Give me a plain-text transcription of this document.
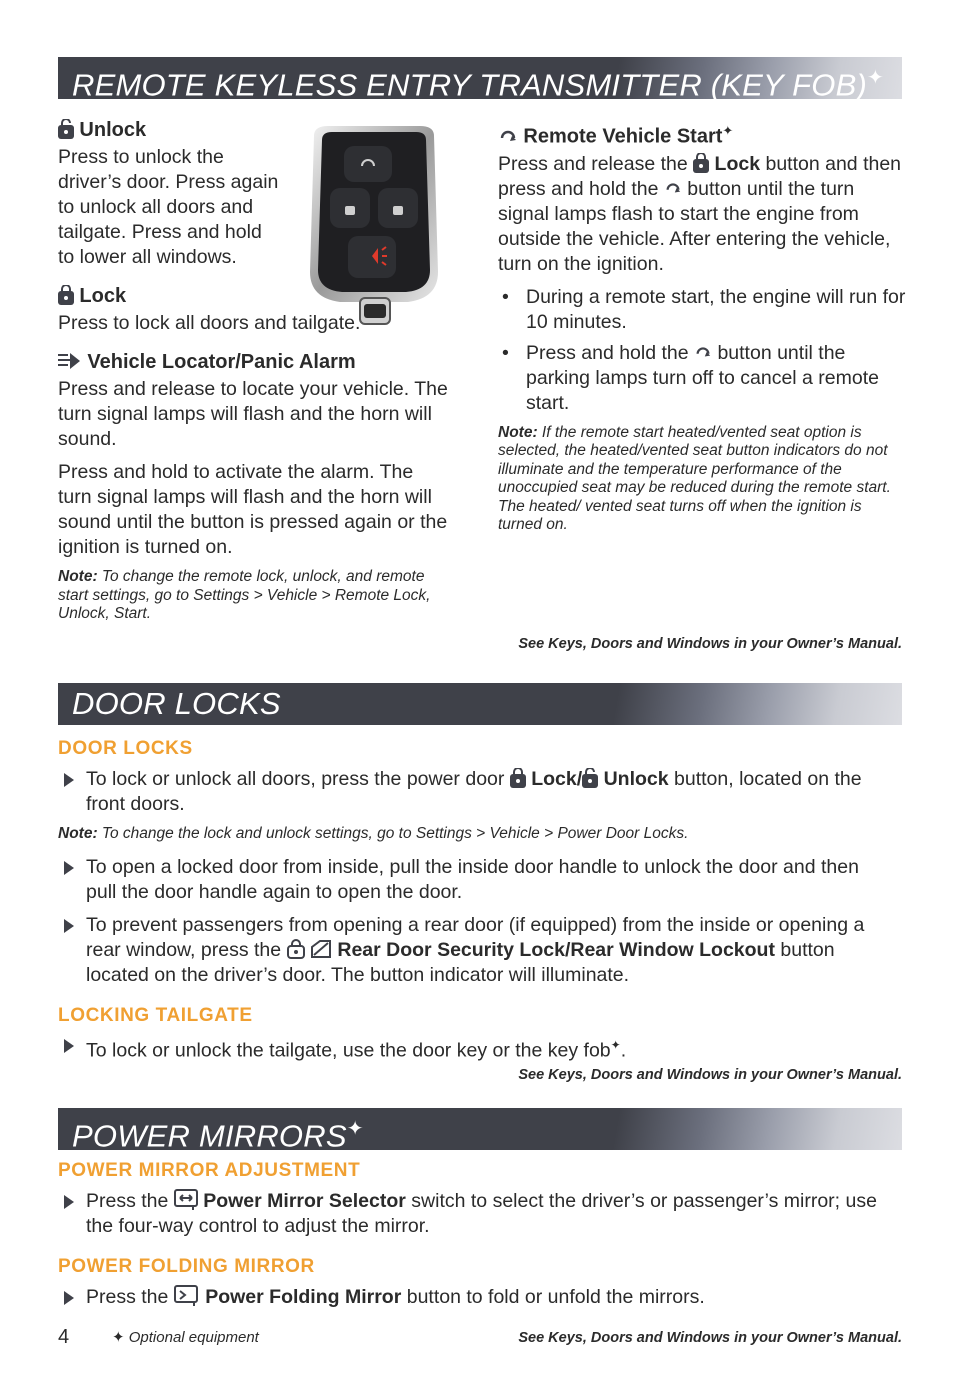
REMOTE KEYLESS ENTRY TRANSMITTER (KEY FOB)✦
Unlock
Press to unlock the driver’s door. Press again to unlock all doors and tailgate. Press and hold to lower all windows.
Lock
Press to lock all doors and tailgate.
Vehicle Locator/Panic Alarm
Press and release to locate your vehicle. The turn signal lamps will flash and the horn will sound.
Press and hold to activate the alarm. The turn signal lamps will flash and the horn will sound until the button is pressed again or the ignition is turned on.
Note: To change the remote lock, unlock, and remote start settings, go to Settings > Vehicle > Remote Lock, Unlock, Start.
Remote Vehicle Start✦
Press and release the Lock button and then press and hold the button until the turn signal lamps flash to start the engine from outside the vehicle. After entering the vehicle, turn on the ignition.
• During a remote start, the engine will run for 10 minutes.
• Press and hold the button until the parking lamps turn off to cancel a remote start.
Note: If the remote start heated/vented seat option is selected, the heated/vented seat button indicators do not illuminate and the temperature performance of the unoccupied seat may be reduced during the remote start. The heated/ vented seat turns off when the ignition is turned on.
See Keys, Doors and Windows in your Owner’s Manual.
DOOR LOCKS
DOOR LOCKS
To lock or unlock all doors, press the power door Lock/ Unlock button, located on the front doors.
Note: To change the lock and unlock settings, go to Settings > Vehicle > Power Door Locks.
To open a locked door from inside, pull the inside door handle to unlock the door and then pull the door handle again to open the door.
To prevent passengers from opening a rear door (if equipped) from the inside or opening a rear window, press the	Rear Door Security Lock/Rear Window Lockout button located on the driver’s door. The button indicator will illuminate.
LOCKING TAILGATE
To lock or unlock the tailgate, use the door key or the key fob✦.
See Keys, Doors and Windows in your Owner’s Manual.
POWER MIRRORS✦
POWER MIRROR ADJUSTMENT
Press the Power Mirror Selector switch to select the driver’s or passenger’s mirror; use the four-way control to adjust the mirror.
POWER FOLDING MIRROR
Press the Power Folding Mirror button to fold or unfold the mirrors.
4	✦ Optional equipment	See Keys, Doors and Windows in your Owner’s Manual.
